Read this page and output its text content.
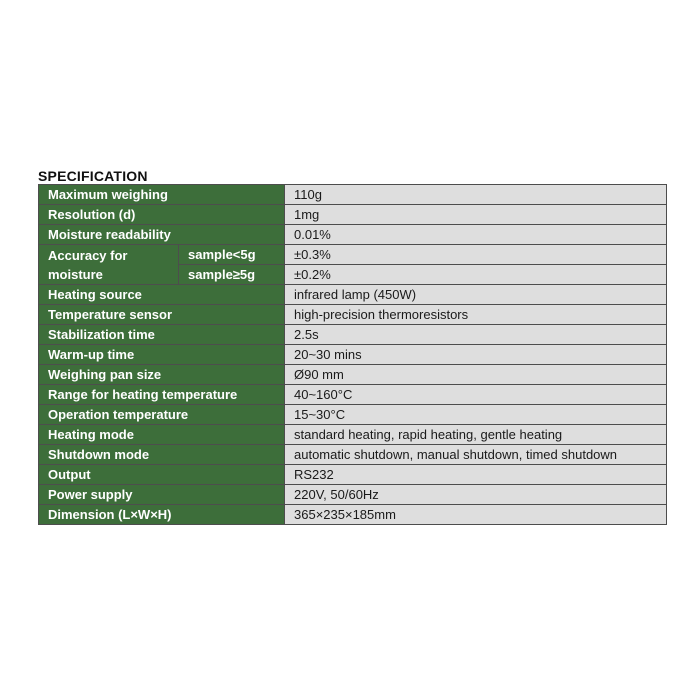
SPECIFICATION
Maximum weighing		110g
Resolution (d)		1mg
Moisture readability		0.01%

Accuracy for
moisture	sample<5g	±0.3%
	sample≥5g	±0.2%
Heating source		infrared lamp (450W)
Temperature sensor		high-precision thermoresistors
Stabilization time		2.5s
Warm-up time		20~30 mins
Weighing pan size		Ø90 mm
Range for heating temperature		40~160°C
Operation temperature		15~30°C
Heating mode		standard heating, rapid heating, gentle heating
Shutdown mode		automatic shutdown, manual shutdown, timed shutdown
Output		RS232
Power supply		220V, 50/60Hz
Dimension (L×W×H)		365×235×185mm
